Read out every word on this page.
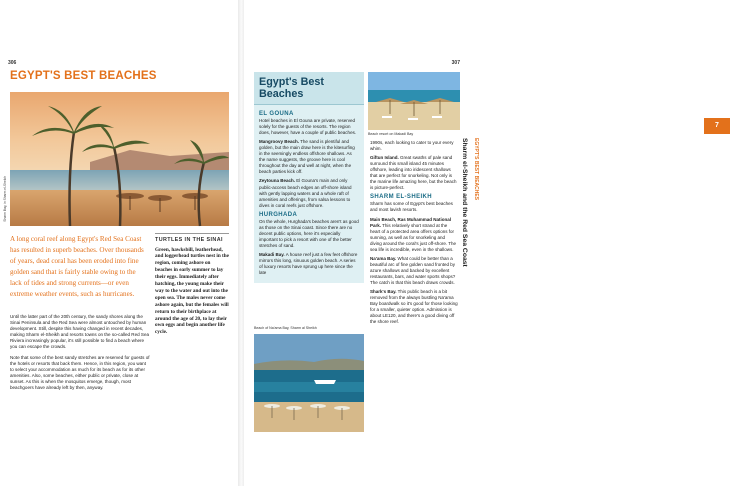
306
EGYPT'S BEST BEACHES
Sharm Bay, in Sharm el-Sheikh
A long coral reef along Egypt's Red Sea Coast has resulted in superb beaches. Over thousands of years, dead coral has been eroded into fine golden sand that is fairly stable owing to the lack of tides and strong currents—or even extreme weather events, such as hurricanes.

Until the latter part of the 20th century, the sandy shores along the Sinai Peninsula and the Red Sea were almost untouched by human development. Still, despite this having changed in recent decades, making Sharm el-Sheikh and resorts towns on the so-called Red Sea Riviera increasingly popular, it's still possible to find a beach where you can escape the crowds.

Note that some of the best sandy stretches are reserved for guests of the hotels or resorts that back them. Hence, in this region, you want to select your accommodation as much for its beach as for its other amenities. Also, some beaches, either public or private, close at sunset. As this is when the mosquitos emerge, though, most beachgoers have already left by then, anyway.

TURTLES IN THE SINAI
Green, hawksbill, leatherhead, and loggerhead turtles nest in the region, coming ashore on beaches in early summer to lay their eggs. Immediately after hatching, the young make their way to the water and out into the open sea. The males never come ashore again, but the females will return to their birthplace at around the age of 20, to lay their own eggs and begin another life cycle.
307
Egypt's Best Beaches
EL GOUNA

Hotel beaches in El Gouna are private, reserved solely for the guests of the resorts. The region does, however, have a couple of public beaches.

Mangroovy Beach. The sand is plentiful and golden, but the main draw here is the kitesurfing in the seemingly endless offshore shallows. As the name suggests, the groove here is cool throughout the day and well at night, when the beach parties kick off.

Zeytouna Beach. El Gouna's main and only public-access beach edges an off-shore island with gently lapping waters and a whole raft of amenities and offerings, from salsa lessons to dives in coral reefs just offshore.

HURGHADA

On the whole, Hurghada's beaches aren't as good as those on the Sinai coast. Since there are no decent public options, here it's especially important to pick a resort with one of the better stretches of sand.

Makadi Bay. A house reef just a few feet offshore mirrors this long, sinuous golden beach. A series of luxury resorts have sprung up here since the late

Beach of Na'ama Bay, Sharm al Sheikh
Beach resort on Makadi Bay

1990s, each looking to cater to your every whim.

Giftun Island. Great swaths of pale sand surround this small island 45 minutes offshore, leading into iridescent shallows that are perfect for snorkeling. Not only is the marine life amazing here, but the beach is picture-perfect.

SHARM EL-SHEIKH

Sharm has some of Egypt's best beaches and most lavish resorts.

Main Beach, Ras Muhammad National Park. This relatively short strand at the heart of a protected area offers options for sunning, as well as for snorkeling and diving around the coral's just off-shore. The sea life is incredible, even in the shallows.

Na'ama Bay. What could be better than a beautiful arc of fine golden sand fronted by azure shallows and backed by excellent restaurants, bars, and water sports shops? The catch is that this beach draws crowds.

Shark's Bay. This public beach is a bit removed from the always bustling Na'ama Bay boardwalk so it's good for those looking for a smaller, quieter option. Admission is about LE120, and there's a good diving off the shore reef.

7
Sharm el-Sheikh and the Red Sea Coast EGYPT'S BEST BEACHES
